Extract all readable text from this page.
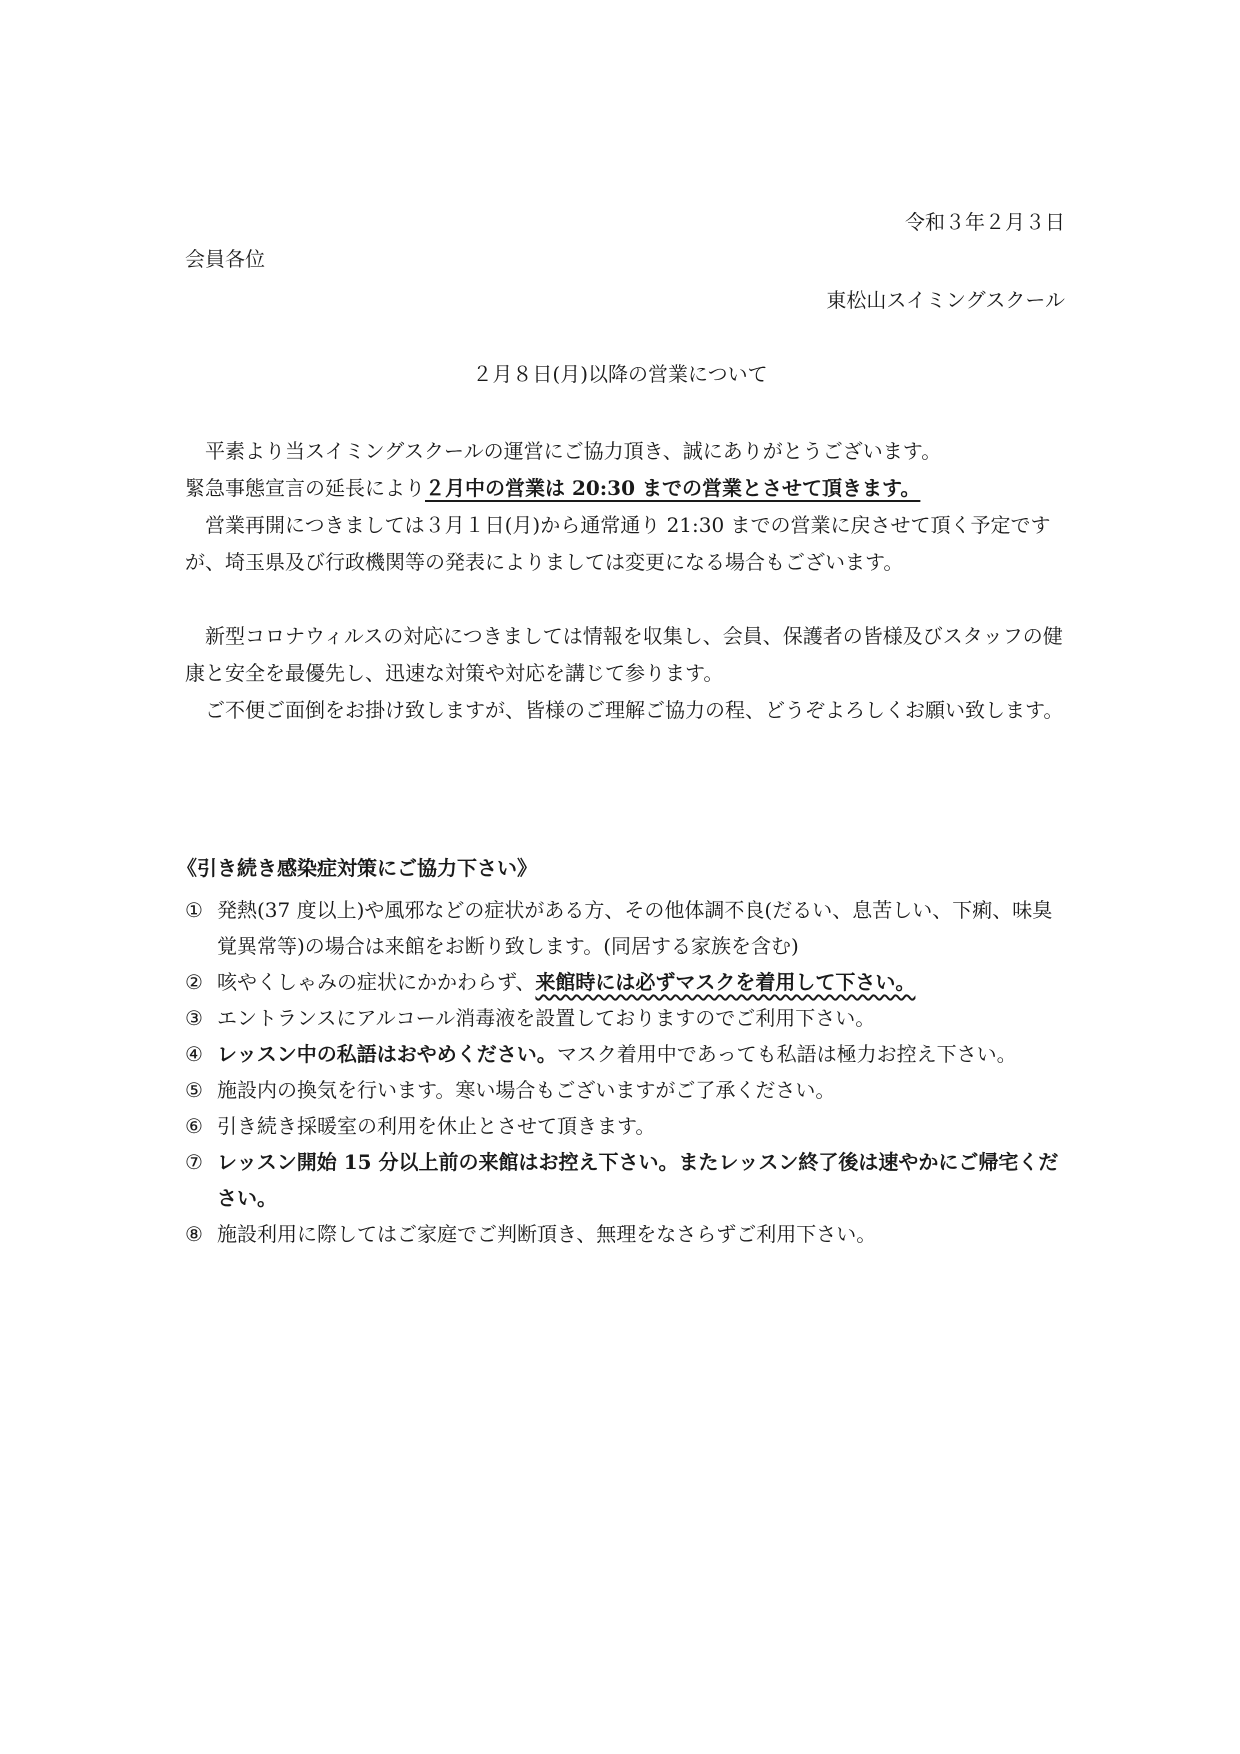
令和３年２月３日
会員各位
東松山スイミングスクール
２月８日(月)以降の営業について

平素より当スイミングスクールの運営にご協力頂き、誠にありがとうございます。

緊急事態宣言の延長により２月中の営業は 20:30 までの営業とさせて頂きます。

営業再開につきましては３月１日(月)から通常通り 21:30 までの営業に戻させて頂く予定ですが、埼玉県及び行政機関等の発表によりましては変更になる場合もございます。

新型コロナウィルスの対応につきましては情報を収集し、会員、保護者の皆様及びスタッフの健康と安全を最優先し、迅速な対策や対応を講じて参ります。

ご不便ご面倒をお掛け致しますが、皆様のご理解ご協力の程、どうぞよろしくお願い致します。

《引き続き感染症対策にご協力下さい》
① 発熱(37 度以上)や風邪などの症状がある方、その他体調不良(だるい、息苦しい、下痢、味臭覚異常等)の場合は来館をお断り致します。(同居する家族を含む)
② 咳やくしゃみの症状にかかわらず、来館時には必ずマスクを着用して下さい。
③ エントランスにアルコール消毒液を設置しておりますのでご利用下さい。
④ レッスン中の私語はおやめください。マスク着用中であっても私語は極力お控え下さい。
⑤ 施設内の換気を行います。寒い場合もございますがご了承ください。
⑥ 引き続き採暖室の利用を休止とさせて頂きます。
⑦ レッスン開始 15 分以上前の来館はお控え下さい。またレッスン終了後は速やかにご帰宅ください。
⑧ 施設利用に際してはご家庭でご判断頂き、無理をなさらずご利用下さい。
